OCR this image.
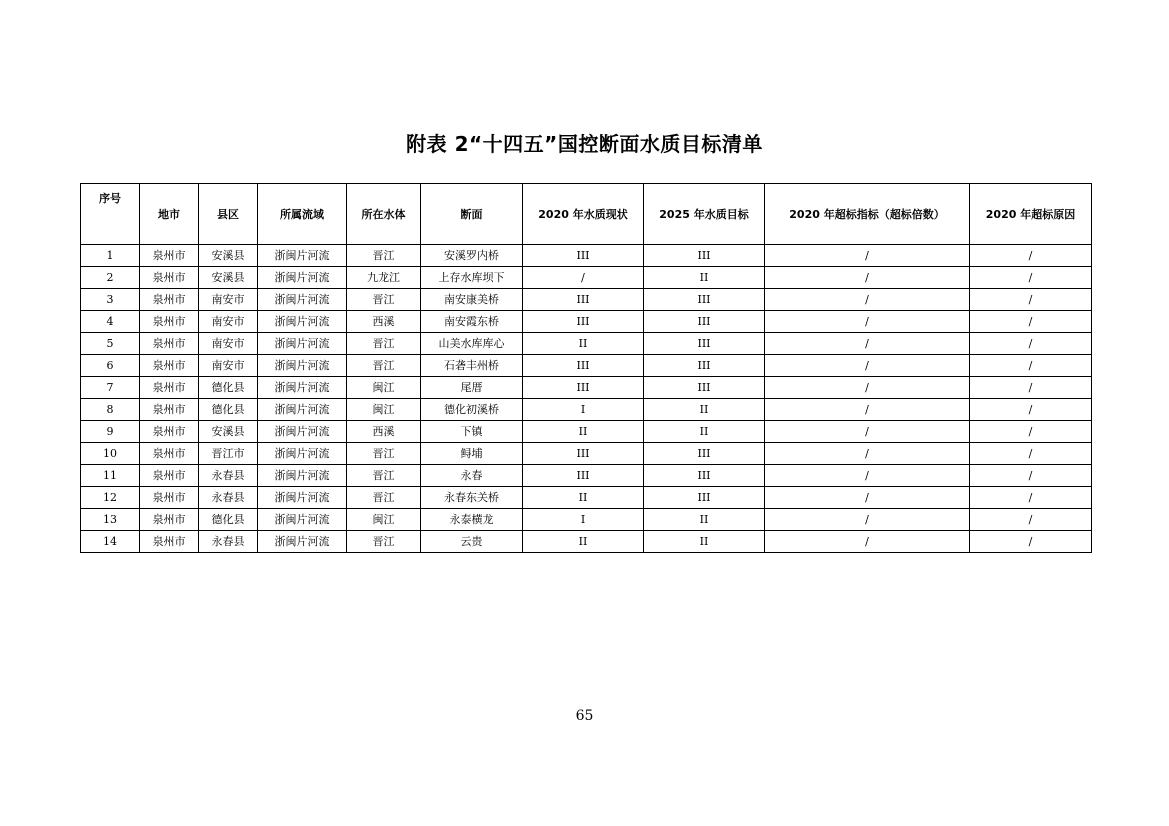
附表 2“十四五”国控断面水质目标清单
序号	地市	县区	所属流域	所在水体	断面	2020 年水质现状	2025 年水质目标	2020 年超标指标（超标倍数）	2020 年超标原因
1	泉州市	安溪县	浙闽片河流	晋江	安溪罗内桥	III	III	/	/
2	泉州市	安溪县	浙闽片河流	九龙江	上存水库坝下	/	II	/	/
3	泉州市	南安市	浙闽片河流	晋江	南安康美桥	III	III	/	/
4	泉州市	南安市	浙闽片河流	西溪	南安霞东桥	III	III	/	/
5	泉州市	南安市	浙闽片河流	晋江	山美水库库心	II	III	/	/
6	泉州市	南安市	浙闽片河流	晋江	石砻丰州桥	III	III	/	/
7	泉州市	德化县	浙闽片河流	闽江	尾厝	III	III	/	/
8	泉州市	德化县	浙闽片河流	闽江	德化初溪桥	I	II	/	/
9	泉州市	安溪县	浙闽片河流	西溪	下镇	II	II	/	/
10	泉州市	晋江市	浙闽片河流	晋江	鲟埔	III	III	/	/
11	泉州市	永春县	浙闽片河流	晋江	永春	III	III	/	/
12	泉州市	永春县	浙闽片河流	晋江	永春东关桥	II	III	/	/
13	泉州市	德化县	浙闽片河流	闽江	永泰横龙	I	II	/	/
14	泉州市	永春县	浙闽片河流	晋江	云贵	II	II	/	/
65
